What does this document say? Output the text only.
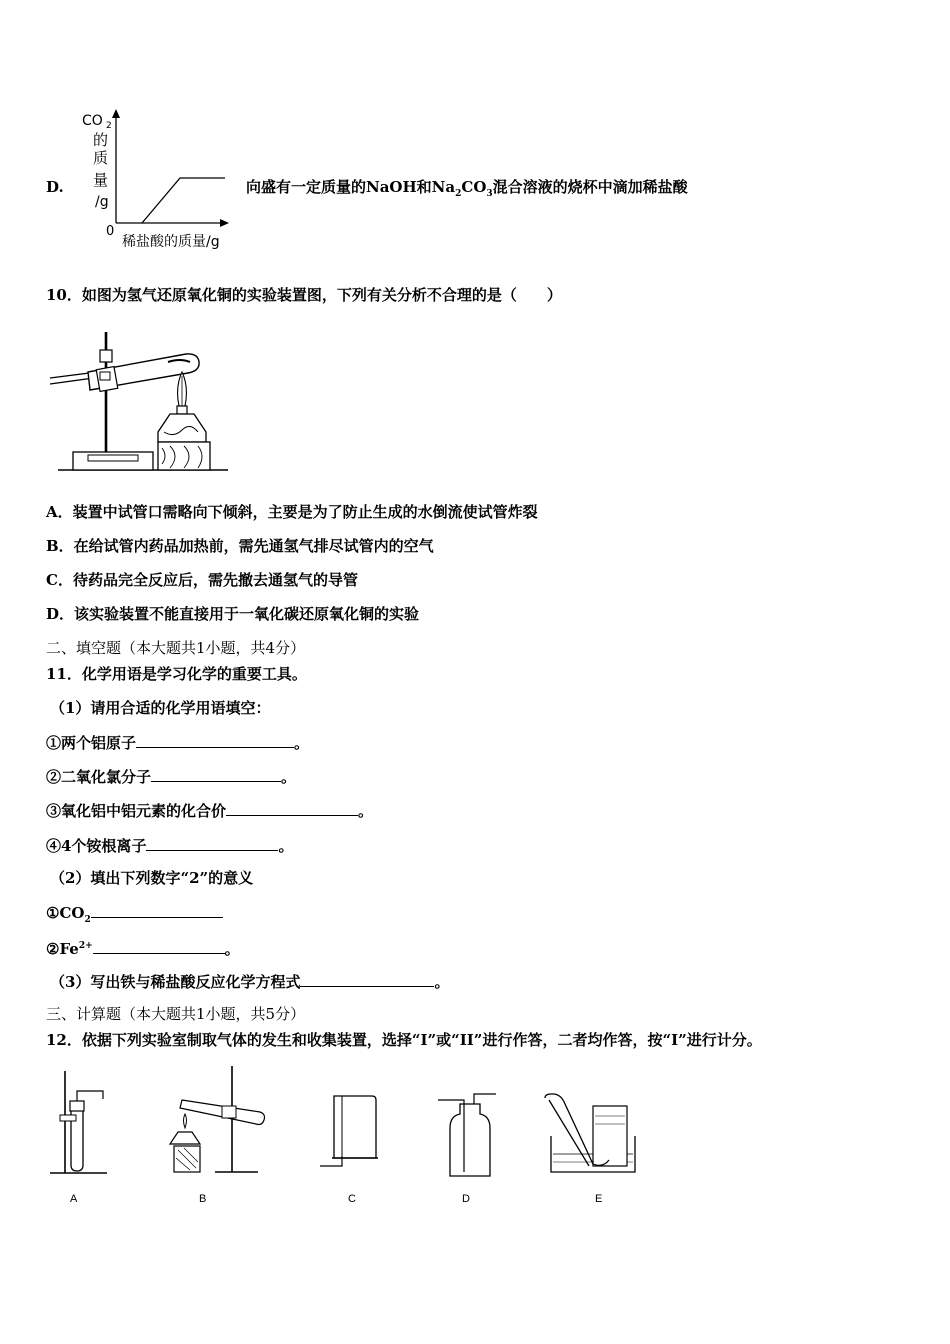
D.
CO 2
的
质
量
/g
0
稀盐酸的质量/g
向盛有一定质量的NaOH和$Na_2CO_3$混合溶液的烧杯中滴加稀盐酸
10．如图为氢气还原氧化铜的实验装置图，下列有关分析不合理的是（　　）
A．装置中试管口需略向下倾斜，主要是为了防止生成的水倒流使试管炸裂
B．在给试管内药品加热前，需先通氢气排尽试管内的空气
C．待药品完全反应后，需先撤去通氢气的导管
D．该实验装置不能直接用于一氧化碳还原氧化铜的实验
二、填空题（本大题共1小题，共4分）
11．化学用语是学习化学的重要工具。
（1）请用合适的化学用语填空：
①两个铝原子	。
②二氧化氯分子	。
③氧化铝中铝元素的化合价	。
④4个铵根离子	。
（2）填出下列数字“2”的意义
$①CO_2$
$②Fe^{2+}$	。
（3）写出铁与稀盐酸反应化学方程式	。
三、计算题（本大题共1小题，共5分）
12．依据下列实验室制取气体的发生和收集装置，选择“I”或“II”进行作答，二者均作答，按“I”进行计分。
A	B	C	D	E
